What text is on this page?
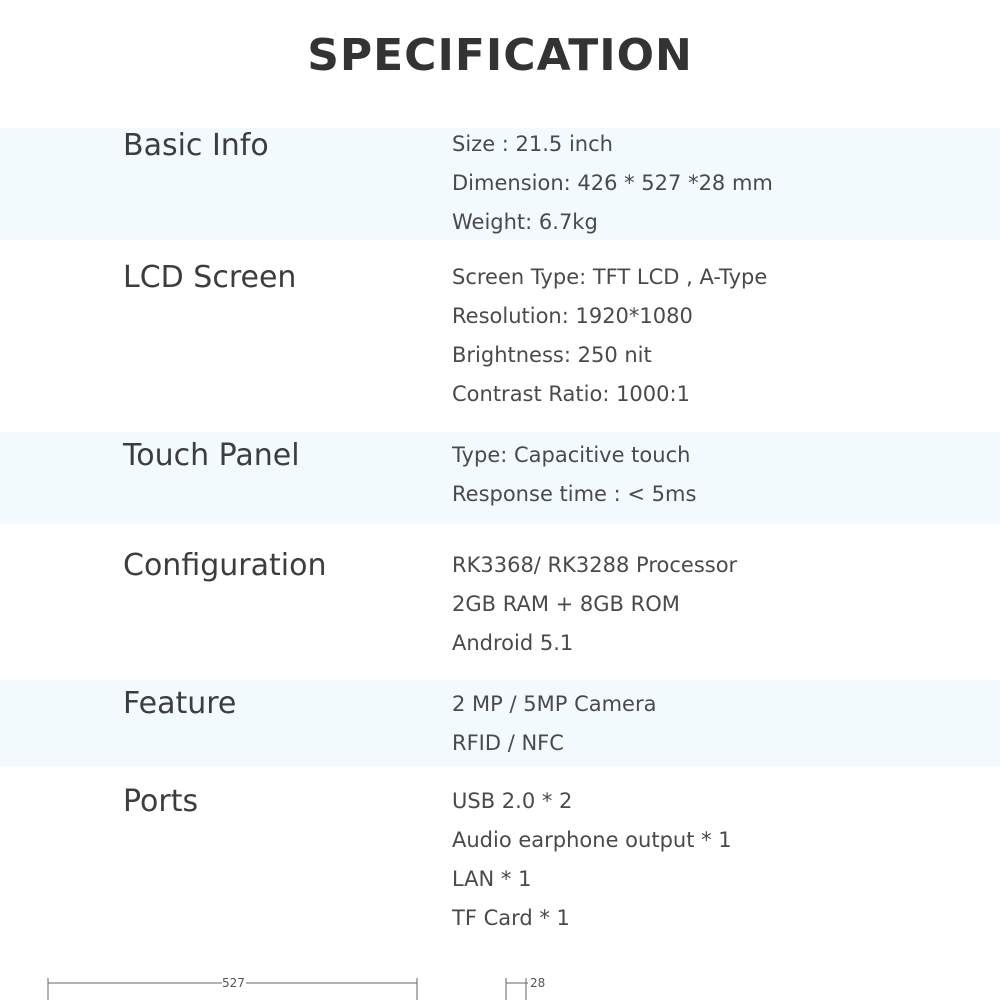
SPECIFICATION
Basic Info	Size : 21.5 inch
Dimension: 426 * 527 *28 mm
Weight: 6.7kg
LCD Screen	Screen Type: TFT LCD , A-Type
Resolution: 1920*1080
Brightness: 250 nit
Contrast Ratio: 1000:1
Touch Panel	Type: Capacitive touch
Response time : < 5ms
Configuration	RK3368/ RK3288 Processor
2GB RAM + 8GB ROM
Android 5.1
Feature	2 MP / 5MP Camera
RFID / NFC
Ports	USB 2.0 * 2
Audio earphone output * 1
LAN * 1
TF Card * 1
527	28
